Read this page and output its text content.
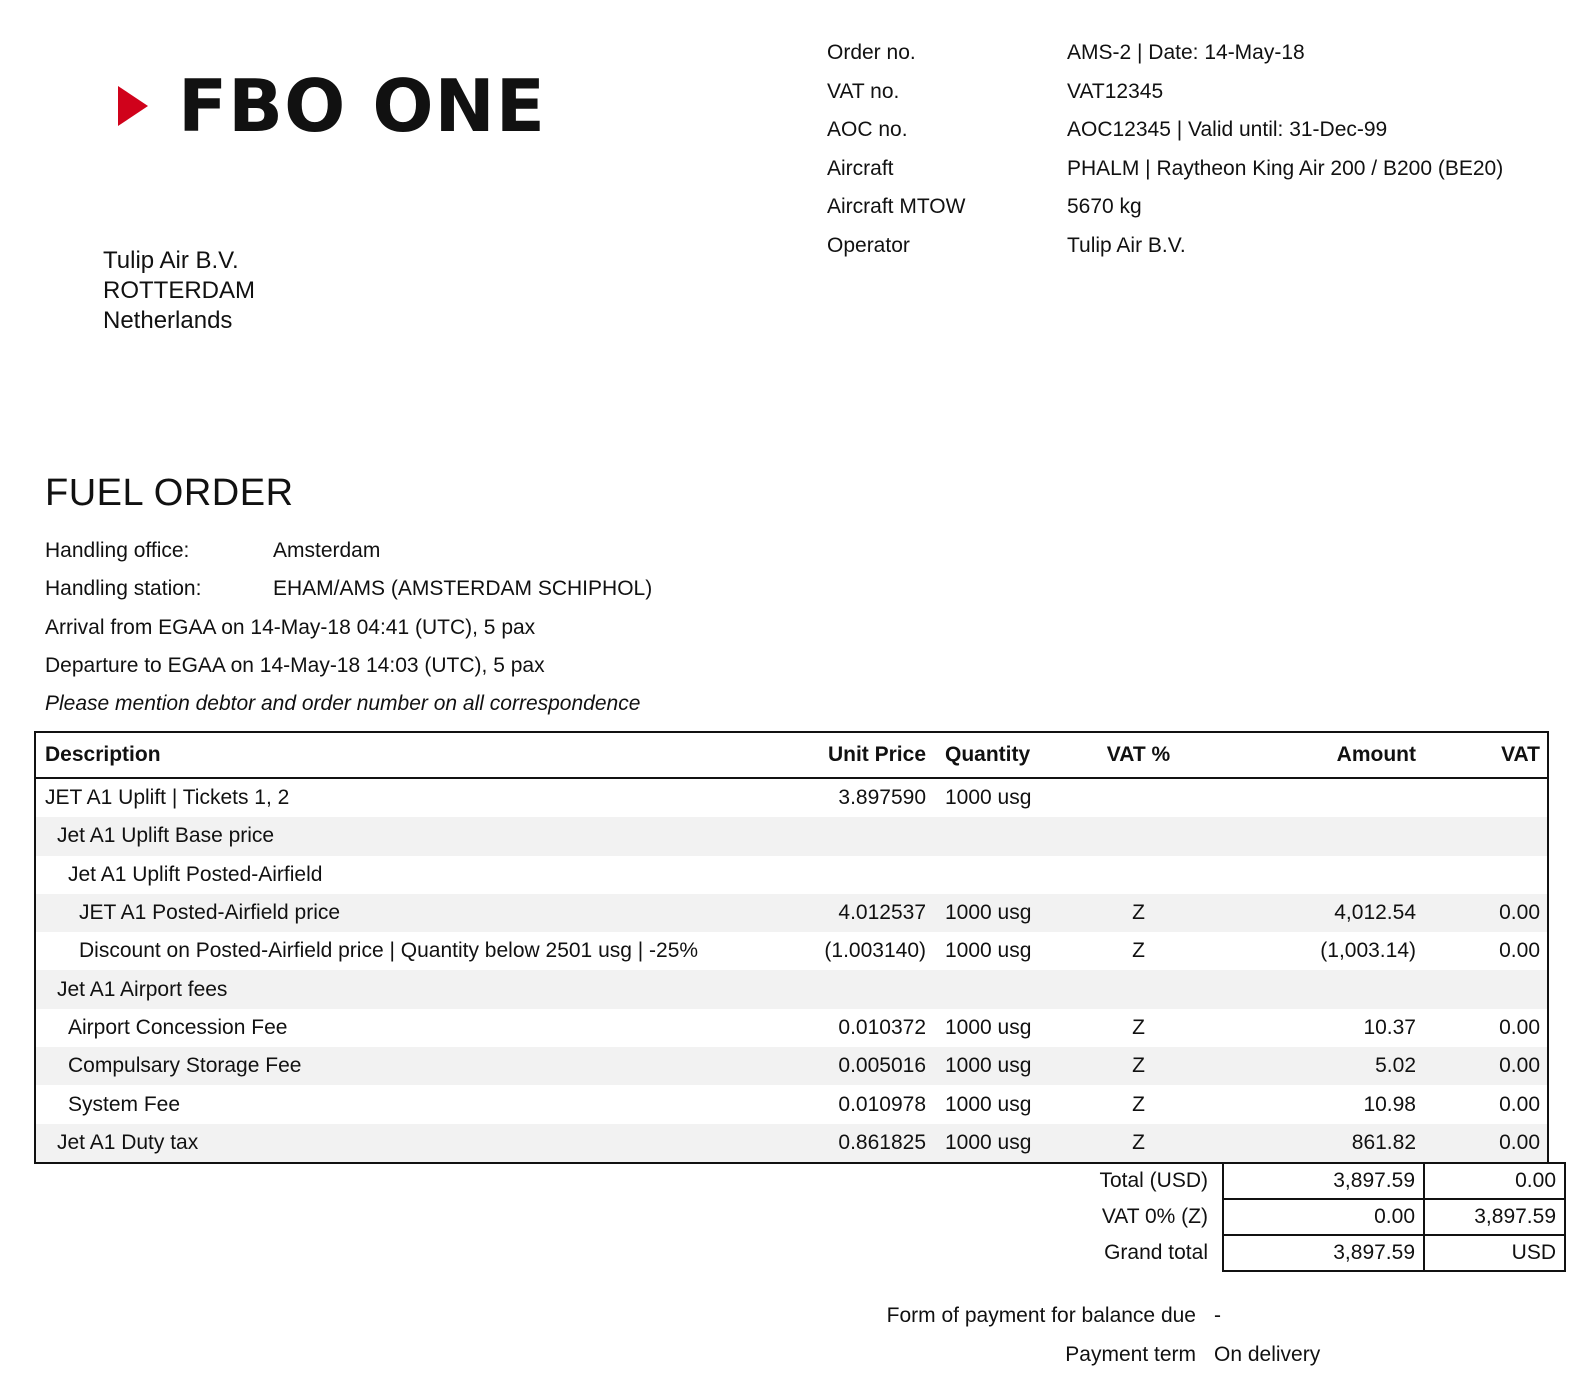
FBO ONE
Order no.	AMS-2 | Date: 14-May-18
VAT no.	VAT12345
AOC no.	AOC12345 | Valid until: 31-Dec-99
Aircraft	PHALM | Raytheon King Air 200 / B200 (BE20)
Aircraft MTOW	5670 kg
Operator	Tulip Air B.V.
Tulip Air B.V.
ROTTERDAM
Netherlands
FUEL ORDER
Handling office:	Amsterdam
Handling station:	EHAM/AMS (AMSTERDAM SCHIPHOL)
Arrival from EGAA on 14-May-18 04:41 (UTC), 5 pax
Departure to EGAA on 14-May-18 14:03 (UTC), 5 pax
Please mention debtor and order number on all correspondence
Description	Unit Price	Quantity	VAT %	Amount	VAT
JET A1 Uplift | Tickets 1, 2	3.897590	1000 usg			
Jet A1 Uplift Base price					
Jet A1 Uplift Posted-Airfield					
JET A1 Posted-Airfield price	4.012537	1000 usg	Z	4,012.54	0.00
Discount on Posted-Airfield price | Quantity below 2501 usg | -25%	(1.003140)	1000 usg	Z	(1,003.14)	0.00
Jet A1 Airport fees					
Airport Concession Fee	0.010372	1000 usg	Z	10.37	0.00
Compulsary Storage Fee	0.005016	1000 usg	Z	5.02	0.00
System Fee	0.010978	1000 usg	Z	10.98	0.00
Jet A1 Duty tax	0.861825	1000 usg	Z	861.82	0.00
Total (USD)	3,897.59	0.00
VAT 0% (Z)	0.00	3,897.59
Grand total	3,897.59	USD
Form of payment for balance due -
Payment term On delivery
